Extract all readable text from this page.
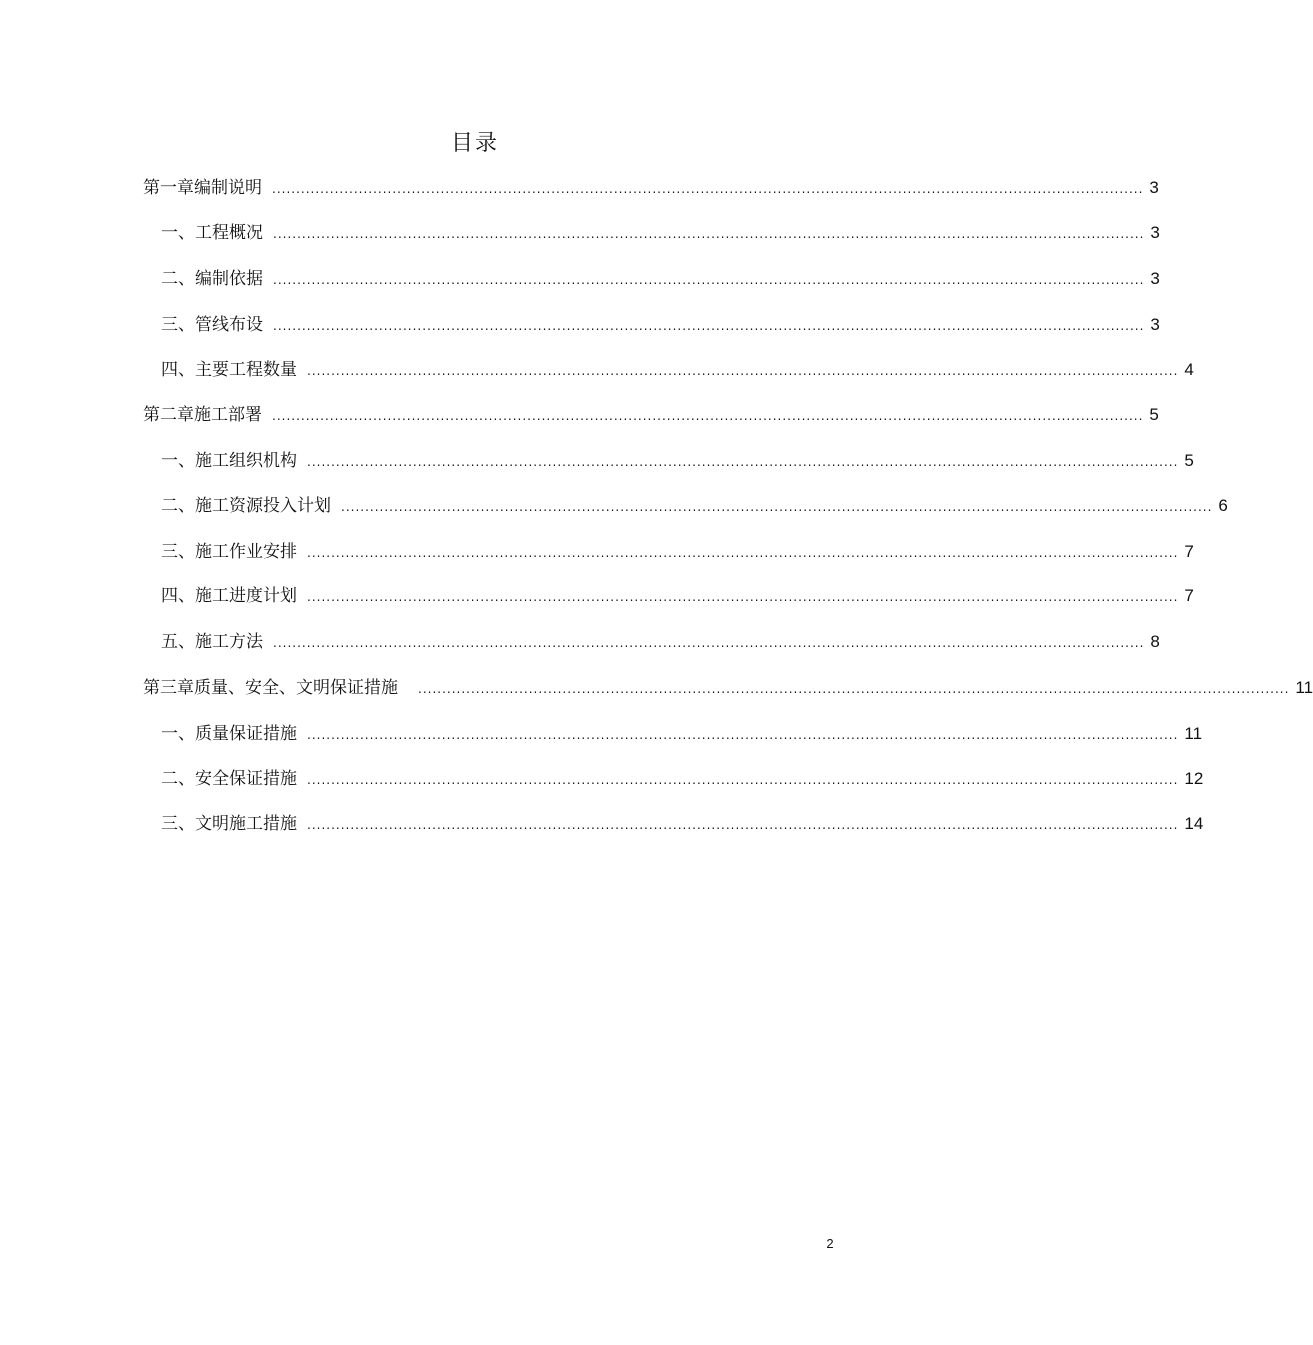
目录
第一章 编制说明 ..................................................................................................................................................................................... 3
一、 工程概况 ..................................................................................................................................................................................... 3
二、 编制依据 ..................................................................................................................................................................................... 3
三、 管线布设 ..................................................................................................................................................................................... 3
四、 主要工程数量 ..................................................................................................................................................................................... 4
第二章 施工部署 ..................................................................................................................................................................................... 5
一、 施工组织机构 ..................................................................................................................................................................................... 5
二、 施工资源投入计划 ..................................................................................................................................................................................... 6
三、 施工作业安排 ..................................................................................................................................................................................... 7
四、 施工进度计划 ..................................................................................................................................................................................... 7
五、 施工方法 ..................................................................................................................................................................................... 8
第三章 质量、安全、文明保证措施 ..................................................................................................................................................................................... 11
一、 质量保证措施 ..................................................................................................................................................................................... 11
二、 安全保证措施 ..................................................................................................................................................................................... 12
三、 文明施工措施 ..................................................................................................................................................................................... 14
2
